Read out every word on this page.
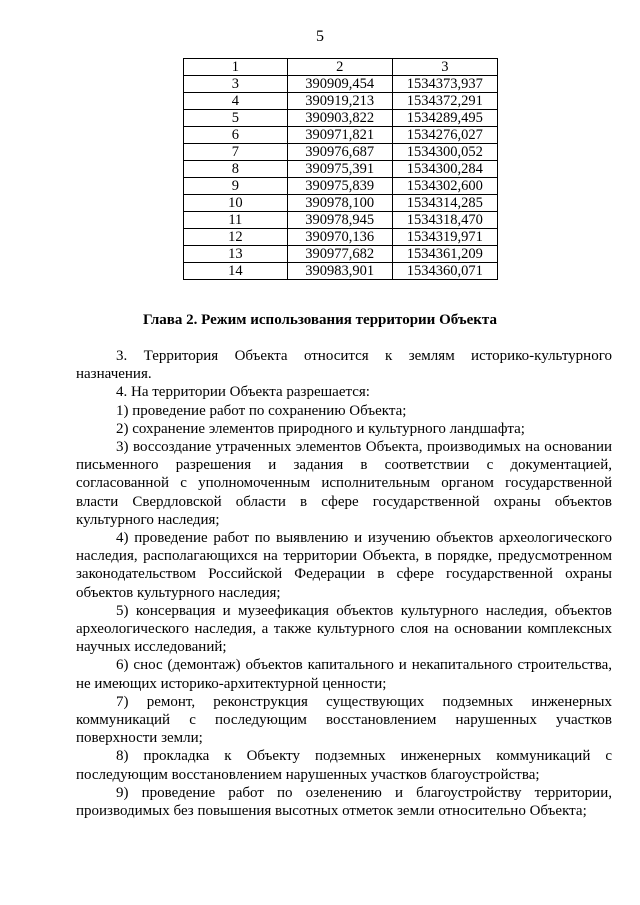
5
1	2	3
3	390909,454	1534373,937
4	390919,213	1534372,291
5	390903,822	1534289,495
6	390971,821	1534276,027
7	390976,687	1534300,052
8	390975,391	1534300,284
9	390975,839	1534302,600
10	390978,100	1534314,285
11	390978,945	1534318,470
12	390970,136	1534319,971
13	390977,682	1534361,209
14	390983,901	1534360,071
Глава 2. Режим использования территории Объекта

3. Территория Объекта относится к землям историко-культурного назначения.

4. На территории Объекта разрешается:

1) проведение работ по сохранению Объекта;

2) сохранение элементов природного и культурного ландшафта;

3) воссоздание утраченных элементов Объекта, производимых на основании письменного разрешения и задания в соответствии с документацией, согласованной с уполномоченным исполнительным органом государственной власти Свердловской области в сфере государственной охраны объектов культурного наследия;

4) проведение работ по выявлению и изучению объектов археологического наследия, располагающихся на территории Объекта, в порядке, предусмотренном законодательством Российской Федерации в сфере государственной охраны объектов культурного наследия;

5) консервация и музеефикация объектов культурного наследия, объектов археологического наследия, а также культурного слоя на основании комплексных научных исследований;

6) снос (демонтаж) объектов капитального и некапитального строительства, не имеющих историко-архитектурной ценности;

7) ремонт, реконструкция существующих подземных инженерных коммуникаций с последующим восстановлением нарушенных участков поверхности земли;

8) прокладка к Объекту подземных инженерных коммуникаций с последующим восстановлением нарушенных участков благоустройства;

9) проведение работ по озеленению и благоустройству территории, производимых без повышения высотных отметок земли относительно Объекта;
